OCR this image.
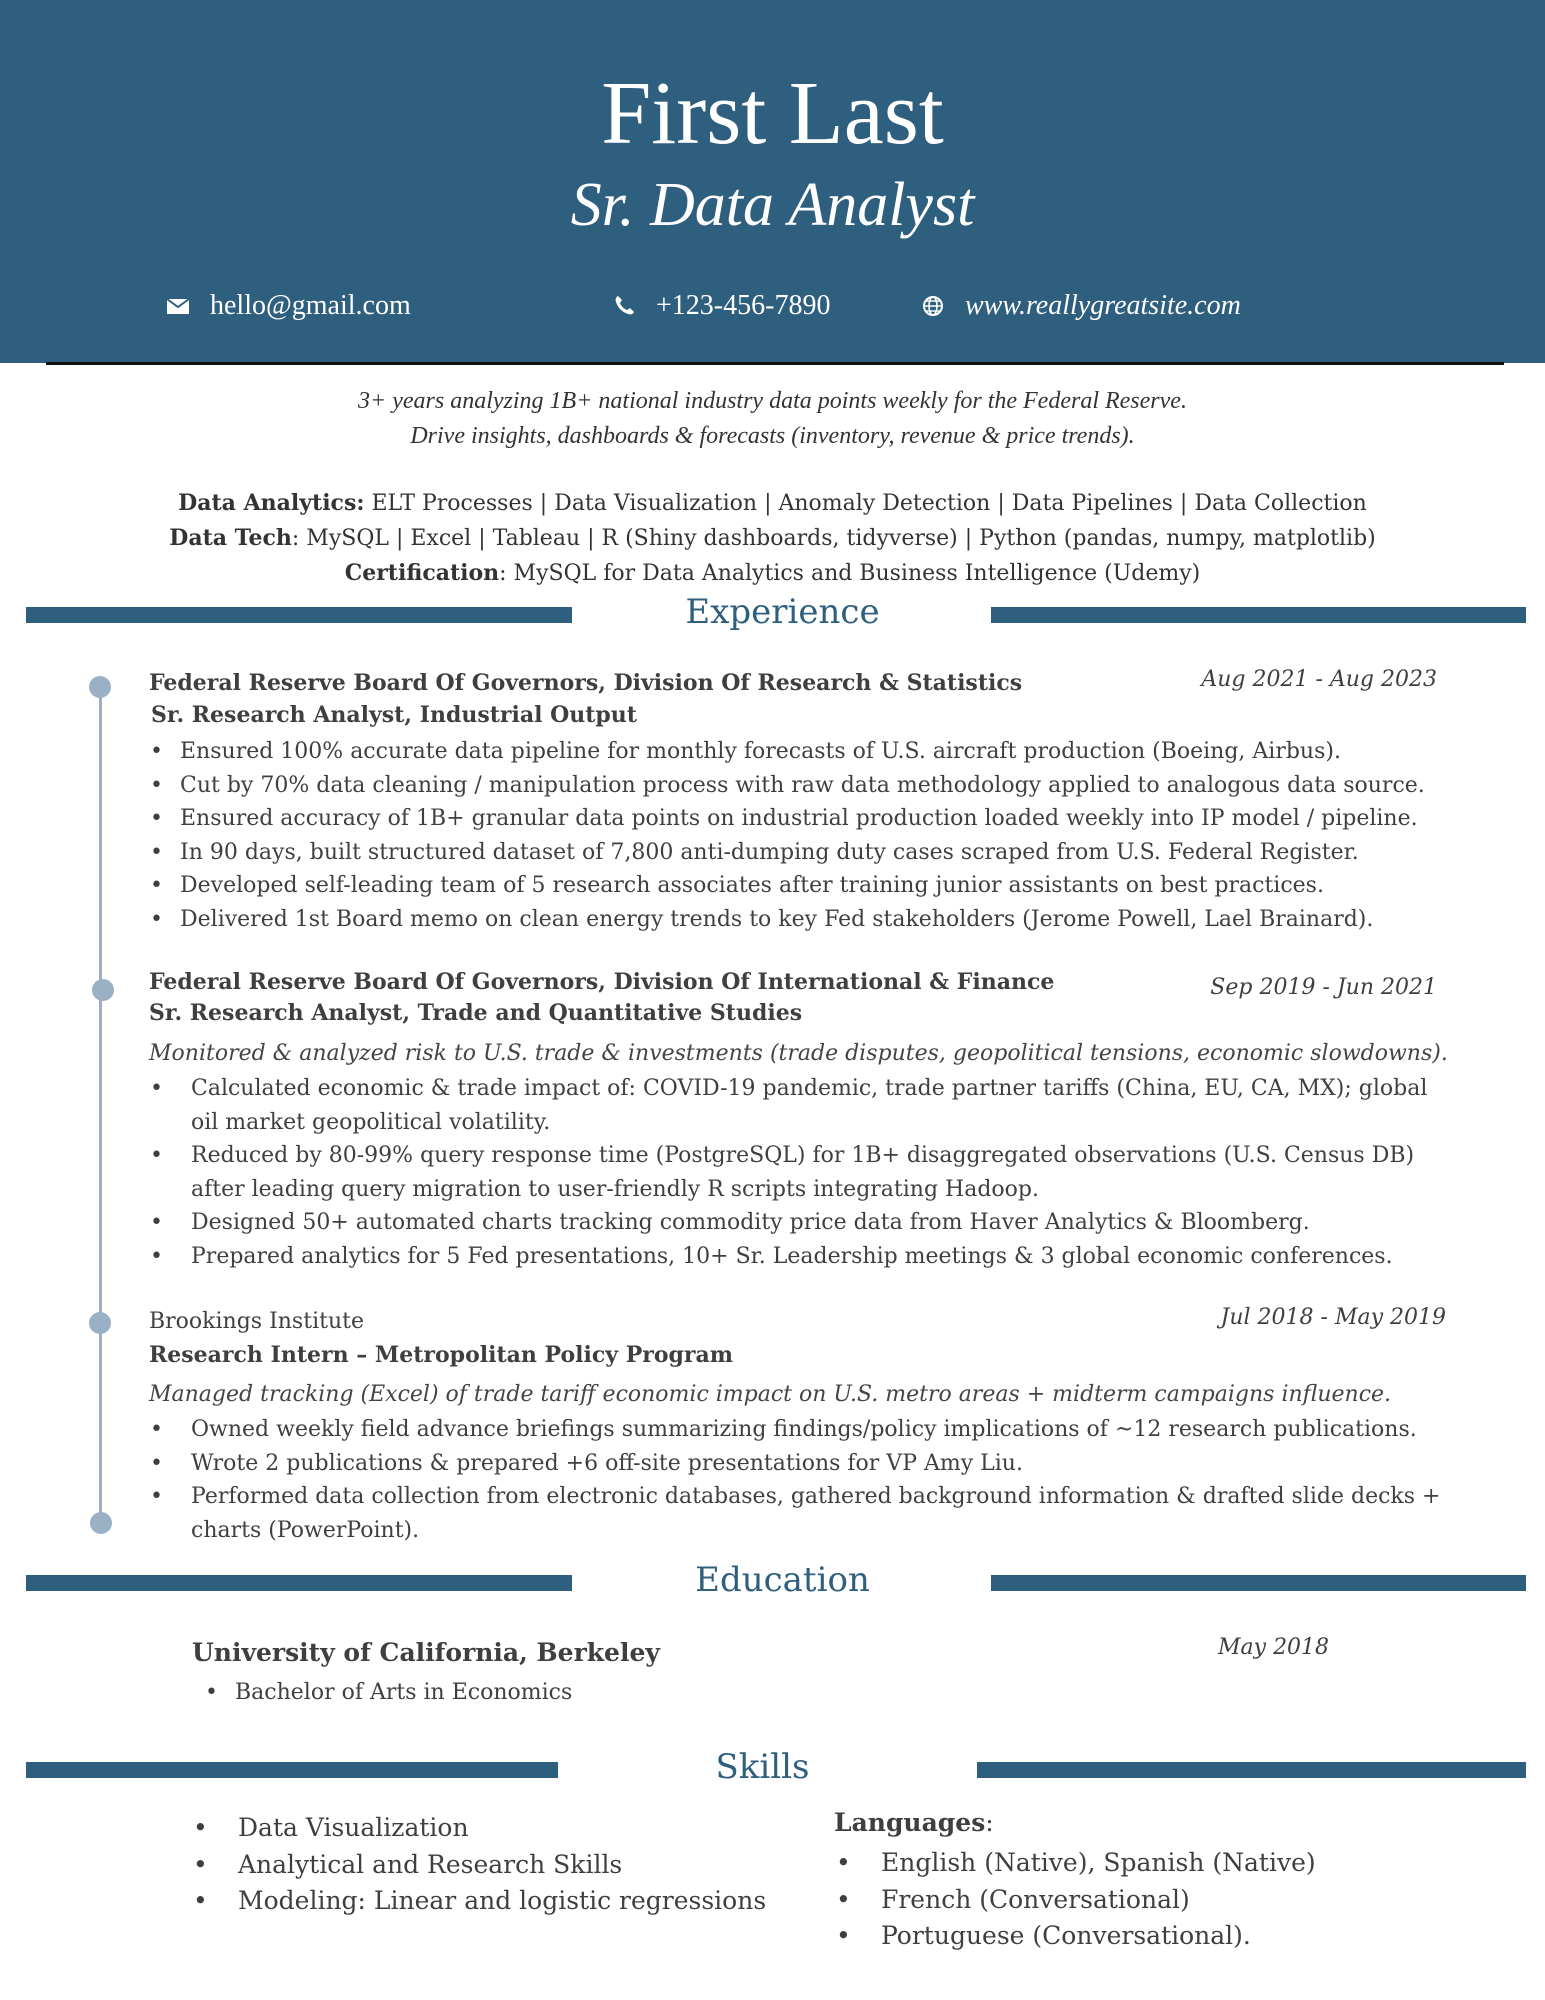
First Last
Sr. Data Analyst
hello@gmail.com	+123-456-7890	www.reallygreatsite.com
3+ years analyzing 1B+ national industry data points weekly for the Federal Reserve.
Drive insights, dashboards & forecasts (inventory, revenue & price trends).
Data Analytics: ELT Processes | Data Visualization | Anomaly Detection | Data Pipelines | Data Collection
Data Tech: MySQL | Excel | Tableau | R (Shiny dashboards, tidyverse) | Python (pandas, numpy, matplotlib)
Certification: MySQL for Data Analytics and Business Intelligence (Udemy)
Experience
Federal Reserve Board Of Governors, Division Of Research & Statistics	Aug 2021 - Aug 2023
Sr. Research Analyst, Industrial Output
• Ensured 100% accurate data pipeline for monthly forecasts of U.S. aircraft production (Boeing, Airbus).
• Cut by 70% data cleaning / manipulation process with raw data methodology applied to analogous data source.
• Ensured accuracy of 1B+ granular data points on industrial production loaded weekly into IP model / pipeline.
• In 90 days, built structured dataset of 7,800 anti-dumping duty cases scraped from U.S. Federal Register.
• Developed self-leading team of 5 research associates after training junior assistants on best practices.
• Delivered 1st Board memo on clean energy trends to key Fed stakeholders (Jerome Powell, Lael Brainard).
Federal Reserve Board Of Governors, Division Of International & Finance	Sep 2019 - Jun 2021
Sr. Research Analyst, Trade and Quantitative Studies
Monitored & analyzed risk to U.S. trade & investments (trade disputes, geopolitical tensions, economic slowdowns).
• Calculated economic & trade impact of: COVID-19 pandemic, trade partner tariffs (China, EU, CA, MX); global oil market geopolitical volatility.
• Reduced by 80-99% query response time (PostgreSQL) for 1B+ disaggregated observations (U.S. Census DB) after leading query migration to user-friendly R scripts integrating Hadoop.
• Designed 50+ automated charts tracking commodity price data from Haver Analytics & Bloomberg.
• Prepared analytics for 5 Fed presentations, 10+ Sr. Leadership meetings & 3 global economic conferences.
Brookings Institute	Jul 2018 - May 2019
Research Intern – Metropolitan Policy Program
Managed tracking (Excel) of trade tariff economic impact on U.S. metro areas + midterm campaigns influence.
• Owned weekly field advance briefings summarizing findings/policy implications of ~12 research publications.
• Wrote 2 publications & prepared +6 off-site presentations for VP Amy Liu.
• Performed data collection from electronic databases, gathered background information & drafted slide decks + charts (PowerPoint).
Education
University of California, Berkeley	May 2018
• Bachelor of Arts in Economics
Skills
• Data Visualization
• Analytical and Research Skills
• Modeling: Linear and logistic regressions
Languages:
• English (Native), Spanish (Native)
• French (Conversational)
• Portuguese (Conversational).
